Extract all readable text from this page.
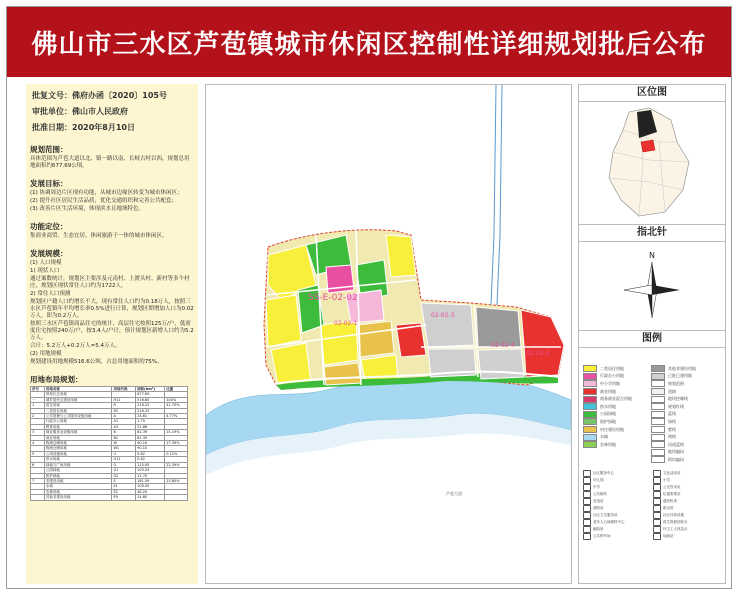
佛山市三水区芦苞镇城市休闲区控制性详细规划批后公布
批复文号：佛府办函〔2020〕105号
审批单位：佛山市人民政府
批准日期：2020年8月10日
规划范围：
具体范围为芦苞大道以北、镇一路以南、长岐古村以西，规划总用地面积约677.69公顷。
发展目标：
(1) 协调周边片区现有功能，从城市边缘区转变为城市休闲区；
(2) 提升社区居民生活品质，优化交通组织和完善公共配套；
(3) 改善片区生活环境，体现滨水且地域特色。
功能定位：
集商业商贸、生态宜居、休闲旅游于一体的城市休闲区。
发展规模：
(1) 人口规模
1) 现状人口
通过案数统计，规划区主要涉及元南村、上渡头村、新村等多个村庄，规划区现状常住人口约为1722人。
2) 常住人口预测
规划区户籍人口约增长不大，现有常住人口约为0.18万人，按照三水区芦苞镇年平均增长率0.5%进行计算，规划区期增加人口为0.02万人，即为0.2万人。
按照三水区芦苞镇商品住宅的统计，高层住宅按照125万/户，低密度住宅按照240万/户，按3.4人/户计，预计规划区新增人口约为5.2万人。
合计：5.2万人+0.2万人=5.4万人。
(2) 用地规模
规划建设用地规模516.6公顷，占总用地面积的75%。
用地布局规划：
序号	用地名称	用地代码	面积(hm²)	比重
	规划区总用地		677.69	
一	城乡居民点建设用地	H11	516.60	100%
1	居住用地	R	216.25	41.75%
	二类居住用地	R2	216.25	
2	公共管理与公共服务设施用地	A	24.61	4.77%
	行政办公用地	A1	1.75	
	教育用地	A3	22.86	
3	商业服务业设施用地	B	82.39	15.19%
	商业用地	B1	82.39	
4	物流仓储用地	W	90.10	17.39%
	物流仓储用地	W1	90.10	
5	公用设施用地	U	0.62	0.12%
	供水用地	U11	0.62	
6	绿地与广场用地	G	115.95	22.39%
	公园绿地	G1	103.25	
	防护绿地	G2	12.70	
7	非建设用地	E	161.09	23.80%
	水域	E1	100.00	
	农林用地	E2	46.29	
	其他非建设用地	E9	14.80	
SS-E-02-02
02-02-1
02-02-3
02-02-4
02-02-5
芦苞大道
区位图
指北针
N
图例
二类居住用地
行政办公用地
中小学用地
商业用地
商务商业混合用地
供水用地
公园绿地
防护绿地
村庄建设用地
水域
农林用地
其他非建设用地
已批已建用地
规划范围
道路
地块控制线
规划红线
蓝线
绿线
紫线
黄线
河道蓝线
地块编码
街坊编码
社区服务中心	文化活动站
幼儿园	小学
中学	公交首末站
公共厕所	垃圾收集站
变电站	通信机房
消防站	派出所
社区卫生服务站	社区体育设施
老年人日间照料中心	再生资源回收点
邮政所	环卫工人休息点
公共停车场	加油站
